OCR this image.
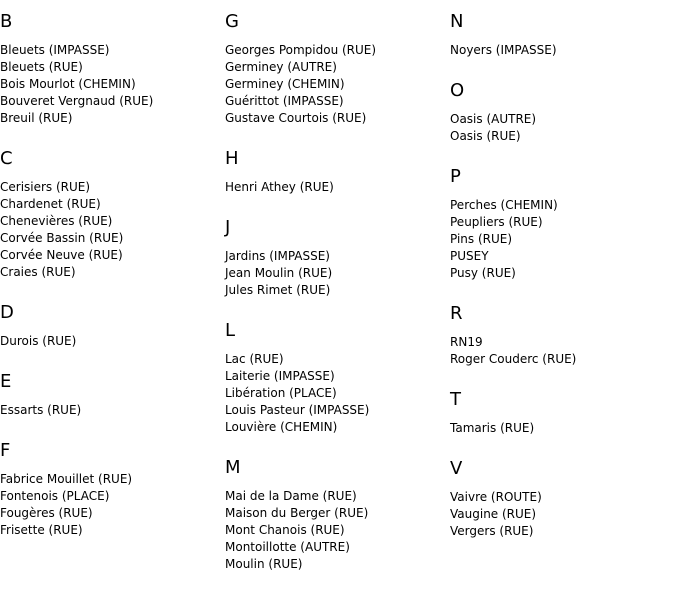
B
Bleuets (IMPASSE)
Bleuets (RUE)
Bois Mourlot (CHEMIN)
Bouveret Vergnaud (RUE)
Breuil (RUE)
C
Cerisiers (RUE)
Chardenet (RUE)
Chenevières (RUE)
Corvée Bassin (RUE)
Corvée Neuve (RUE)
Craies (RUE)
D
Durois (RUE)
E
Essarts (RUE)
F
Fabrice Mouillet (RUE)
Fontenois (PLACE)
Fougères (RUE)
Frisette (RUE)
G
Georges Pompidou (RUE)
Germiney (AUTRE)
Germiney (CHEMIN)
Guérittot (IMPASSE)
Gustave Courtois (RUE)
H
Henri Athey (RUE)
J
Jardins (IMPASSE)
Jean Moulin (RUE)
Jules Rimet (RUE)
L
Lac (RUE)
Laiterie (IMPASSE)
Libération (PLACE)
Louis Pasteur (IMPASSE)
Louvière (CHEMIN)
M
Mai de la Dame (RUE)
Maison du Berger (RUE)
Mont Chanois (RUE)
Montoillotte (AUTRE)
Moulin (RUE)
N
Noyers (IMPASSE)
O
Oasis (AUTRE)
Oasis (RUE)
P
Perches (CHEMIN)
Peupliers (RUE)
Pins (RUE)
PUSEY
Pusy (RUE)
R
RN19
Roger Couderc (RUE)
T
Tamaris (RUE)
V
Vaivre (ROUTE)
Vaugine (RUE)
Vergers (RUE)
